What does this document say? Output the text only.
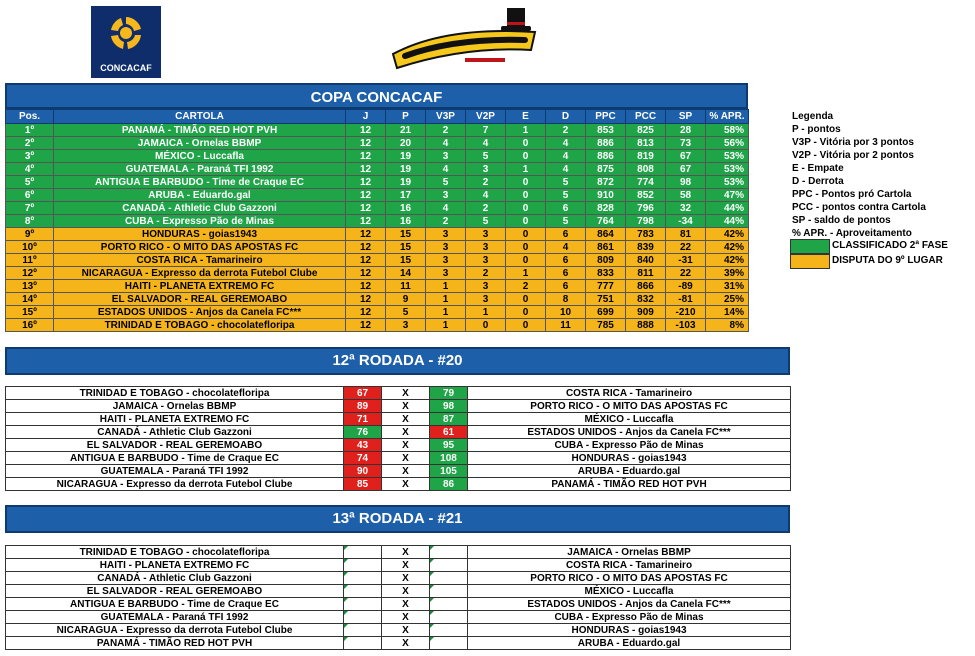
CONCACAF
COPA CONCACAF
Pos.	CARTOLA	J	P	V3P	V2P	E	D	PPC	PCC	SP	% APR.
1º	PANAMÁ - TIMÃO RED HOT PVH	12	21	2	7	1	2	853	825	28	58%
2º	JAMAICA - Ornelas BBMP	12	20	4	4	0	4	886	813	73	56%
3º	MÉXICO - Luccafla	12	19	3	5	0	4	886	819	67	53%
4º	GUATEMALA - Paraná TFI 1992	12	19	4	3	1	4	875	808	67	53%
5º	ANTIGUA E BARBUDO - Time de Craque EC	12	19	5	2	0	5	872	774	98	53%
6º	ARUBA - Eduardo.gal	12	17	3	4	0	5	910	852	58	47%
7º	CANADÁ - Athletic Club Gazzoni	12	16	4	2	0	6	828	796	32	44%
8º	CUBA - Expresso Pão de Minas	12	16	2	5	0	5	764	798	-34	44%
9º	HONDURAS - goias1943	12	15	3	3	0	6	864	783	81	42%
10º	PORTO RICO - O MITO DAS APOSTAS FC	12	15	3	3	0	4	861	839	22	42%
11º	COSTA RICA - Tamarineiro	12	15	3	3	0	6	809	840	-31	42%
12º	NICARAGUA - Expresso da derrota Futebol Clube	12	14	3	2	1	6	833	811	22	39%
13º	HAITI - PLANETA EXTREMO FC	12	11	1	3	2	6	777	866	-89	31%
14º	EL SALVADOR - REAL GEREMOABO	12	9	1	3	0	8	751	832	-81	25%
15º	ESTADOS UNIDOS - Anjos da Canela FC***	12	5	1	1	0	10	699	909	-210	14%
16º	TRINIDAD E TOBAGO - chocolatefloripa	12	3	1	0	0	11	785	888	-103	8%
Legenda
P - pontos
V3P - Vitória por 3 pontos
V2P - Vitória por 2 pontos
E - Empate
D - Derrota
PPC - Pontos pró Cartola
PCC - pontos contra Cartola
SP - saldo de pontos
% APR. - Aproveitamento
CLASSIFICADO 2ª FASE
DISPUTA DO 9º LUGAR
12ª RODADA - #20
TRINIDAD E TOBAGO - chocolatefloripa	67	X	79	COSTA RICA - Tamarineiro
JAMAICA - Ornelas BBMP	89	X	98	PORTO RICO - O MITO DAS APOSTAS FC
HAITI - PLANETA EXTREMO FC	71	X	87	MÉXICO - Luccafla
CANADÁ - Athletic Club Gazzoni	76	X	61	ESTADOS UNIDOS - Anjos da Canela FC***
EL SALVADOR - REAL GEREMOABO	43	X	95	CUBA - Expresso Pão de Minas
ANTIGUA E BARBUDO - Time de Craque EC	74	X	108	HONDURAS - goias1943
GUATEMALA - Paraná TFI 1992	90	X	105	ARUBA - Eduardo.gal
NICARAGUA - Expresso da derrota Futebol Clube	85	X	86	PANAMÁ - TIMÃO RED HOT PVH
13ª RODADA - #21
TRINIDAD E TOBAGO - chocolatefloripa		X		JAMAICA - Ornelas BBMP
HAITI - PLANETA EXTREMO FC		X		COSTA RICA - Tamarineiro
CANADÁ - Athletic Club Gazzoni		X		PORTO RICO - O MITO DAS APOSTAS FC
EL SALVADOR - REAL GEREMOABO		X		MÉXICO - Luccafla
ANTIGUA E BARBUDO - Time de Craque EC		X		ESTADOS UNIDOS - Anjos da Canela FC***
GUATEMALA - Paraná TFI 1992		X		CUBA - Expresso Pão de Minas
NICARAGUA - Expresso da derrota Futebol Clube		X		HONDURAS - goias1943
PANAMÁ - TIMÃO RED HOT PVH		X		ARUBA - Eduardo.gal
